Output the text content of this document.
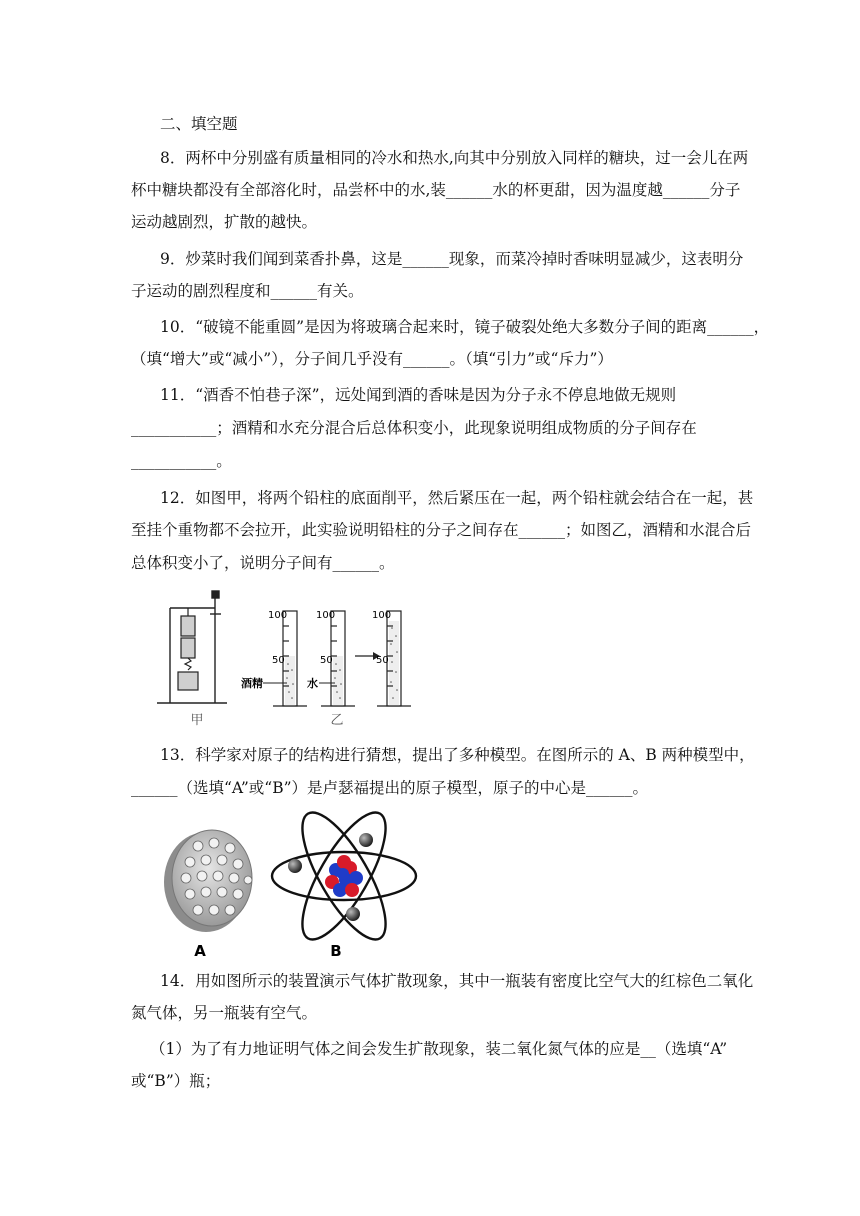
二、填空题
8．两杯中分别盛有质量相同的冷水和热水,向其中分别放入同样的糖块，过一会儿在两
杯中糖块都没有全部溶化时，品尝杯中的水,装______水的杯更甜，因为温度越______分子
运动越剧烈，扩散的越快。
9．炒菜时我们闻到菜香扑鼻，这是______现象，而菜冷掉时香味明显减少，这表明分
子运动的剧烈程度和______有关。
10．“破镜不能重圆”是因为将玻璃合起来时，镜子破裂处绝大多数分子间的距离______，
（填“增大”或“减小”），分子间几乎没有______。（填“引力”或“斥力”）
11．“酒香不怕巷子深”，远处闻到酒的香味是因为分子永不停息地做无规则
___________；酒精和水充分混合后总体积变小，此现象说明组成物质的分子间存在
___________。
12．如图甲，将两个铅柱的底面削平，然后紧压在一起，两个铅柱就会结合在一起，甚
至挂个重物都不会拉开，此实验说明铅柱的分子之间存在______；如图乙，酒精和水混合后
总体积变小了，说明分子间有______。
甲
100
50
酒精
100
50
水
100
50
乙
13．科学家对原子的结构进行猜想，提出了多种模型。在图所示的 A、B 两种模型中，
______（选填“A”或“B”）是卢瑟福提出的原子模型，原子的中心是______。
A	B
14．用如图所示的装置演示气体扩散现象，其中一瓶装有密度比空气大的红棕色二氧化
氮气体，另一瓶装有空气。
（1）为了有力地证明气体之间会发生扩散现象，装二氧化氮气体的应是__（选填“A”
或“B”）瓶；
